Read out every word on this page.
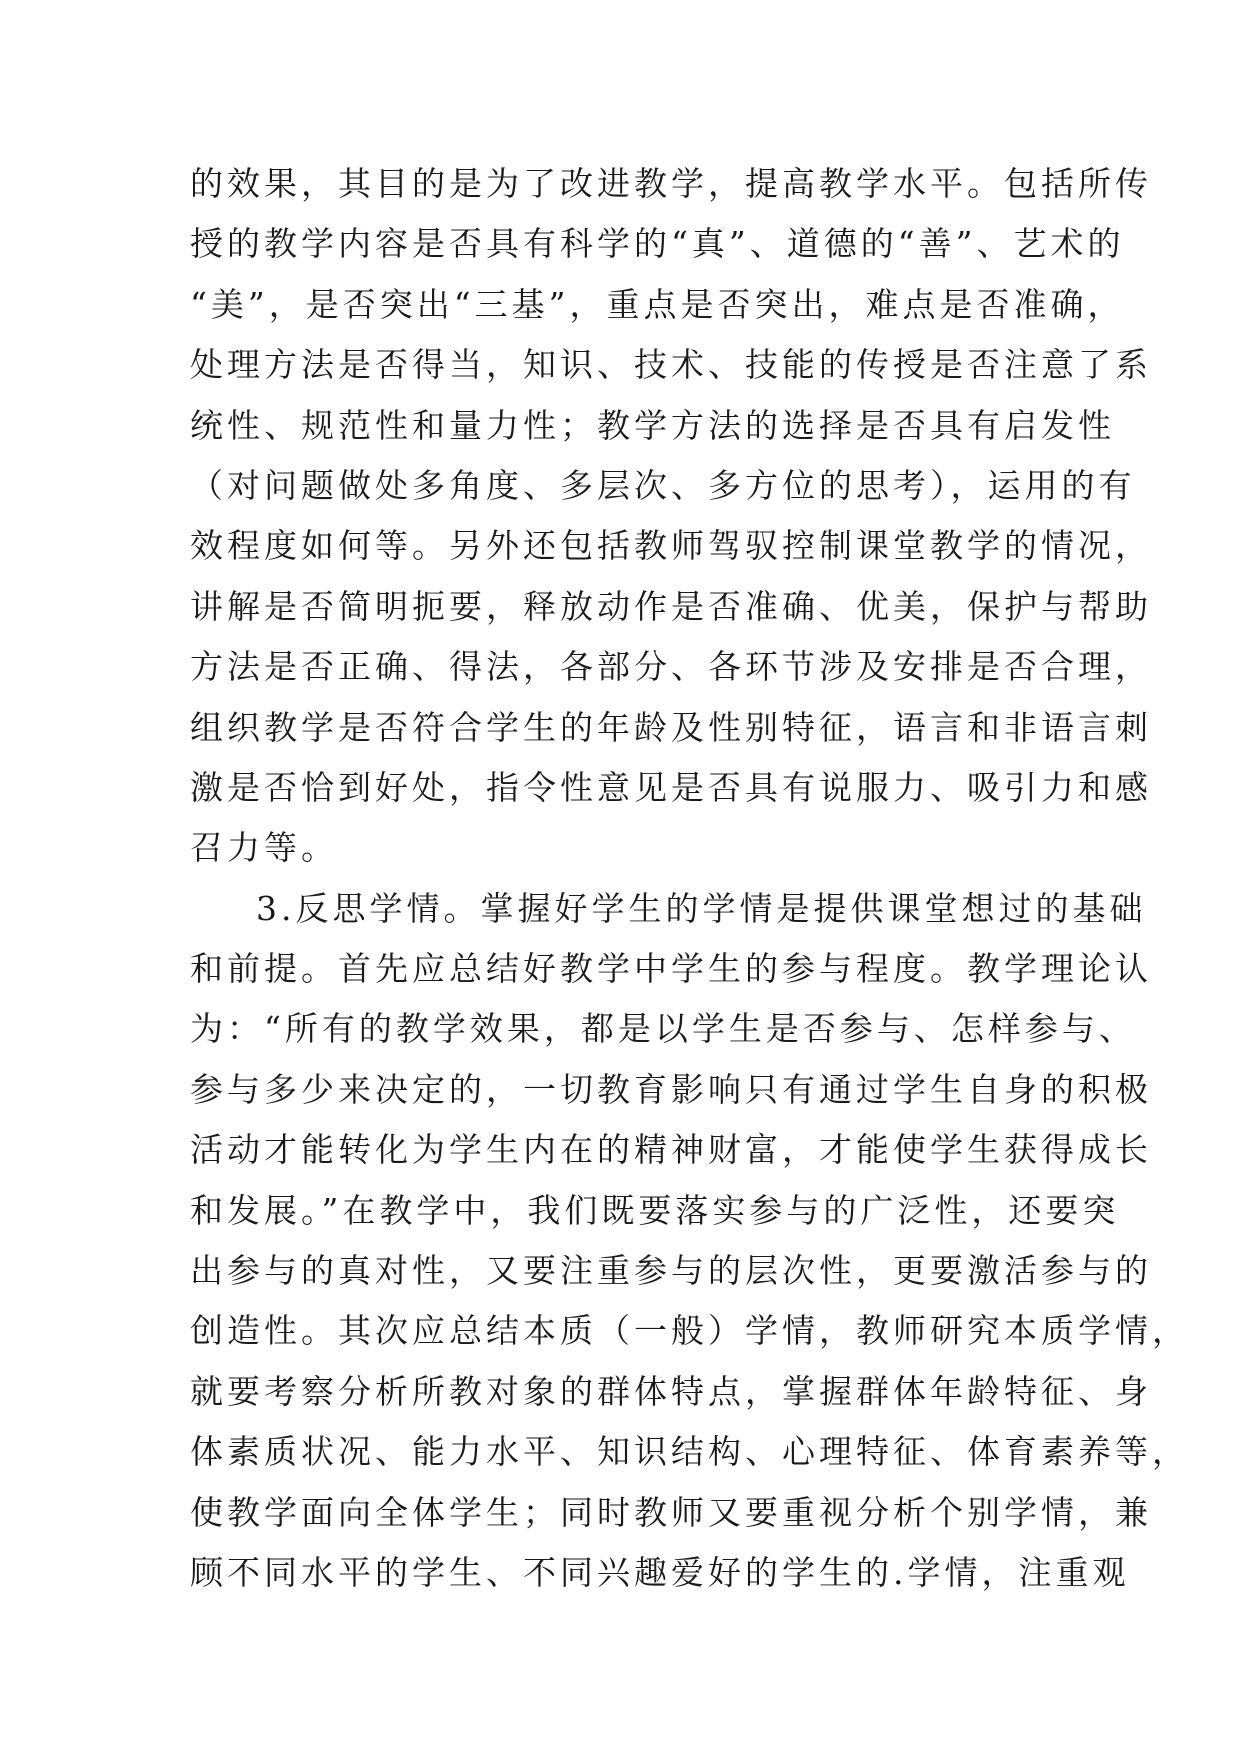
的效果，其目的是为了改进教学，提高教学水平。包括所传
授的教学内容是否具有科学的“真”、道德的“善”、艺术的
“美”，是否突出“三基”，重点是否突出，难点是否准确，
处理方法是否得当，知识、技术、技能的传授是否注意了系
统性、规范性和量力性；教学方法的选择是否具有启发性
（对问题做处多角度、多层次、多方位的思考），运用的有
效程度如何等。另外还包括教师驾驭控制课堂教学的情况，
讲解是否简明扼要，释放动作是否准确、优美，保护与帮助
方法是否正确、得法，各部分、各环节涉及安排是否合理，
组织教学是否符合学生的年龄及性别特征，语言和非语言刺
激是否恰到好处，指令性意见是否具有说服力、吸引力和感
召力等。
3.反思学情。掌握好学生的学情是提供课堂想过的基础
和前提。首先应总结好教学中学生的参与程度。教学理论认
为：“所有的教学效果，都是以学生是否参与、怎样参与、
参与多少来决定的，一切教育影响只有通过学生自身的积极
活动才能转化为学生内在的精神财富，才能使学生获得成长
和发展。”在教学中，我们既要落实参与的广泛性，还要突
出参与的真对性，又要注重参与的层次性，更要激活参与的
创造性。其次应总结本质（一般）学情，教师研究本质学情，
就要考察分析所教对象的群体特点，掌握群体年龄特征、身
体素质状况、能力水平、知识结构、心理特征、体育素养等，
使教学面向全体学生；同时教师又要重视分析个别学情，兼
顾不同水平的学生、不同兴趣爱好的学生的.学情，注重观
